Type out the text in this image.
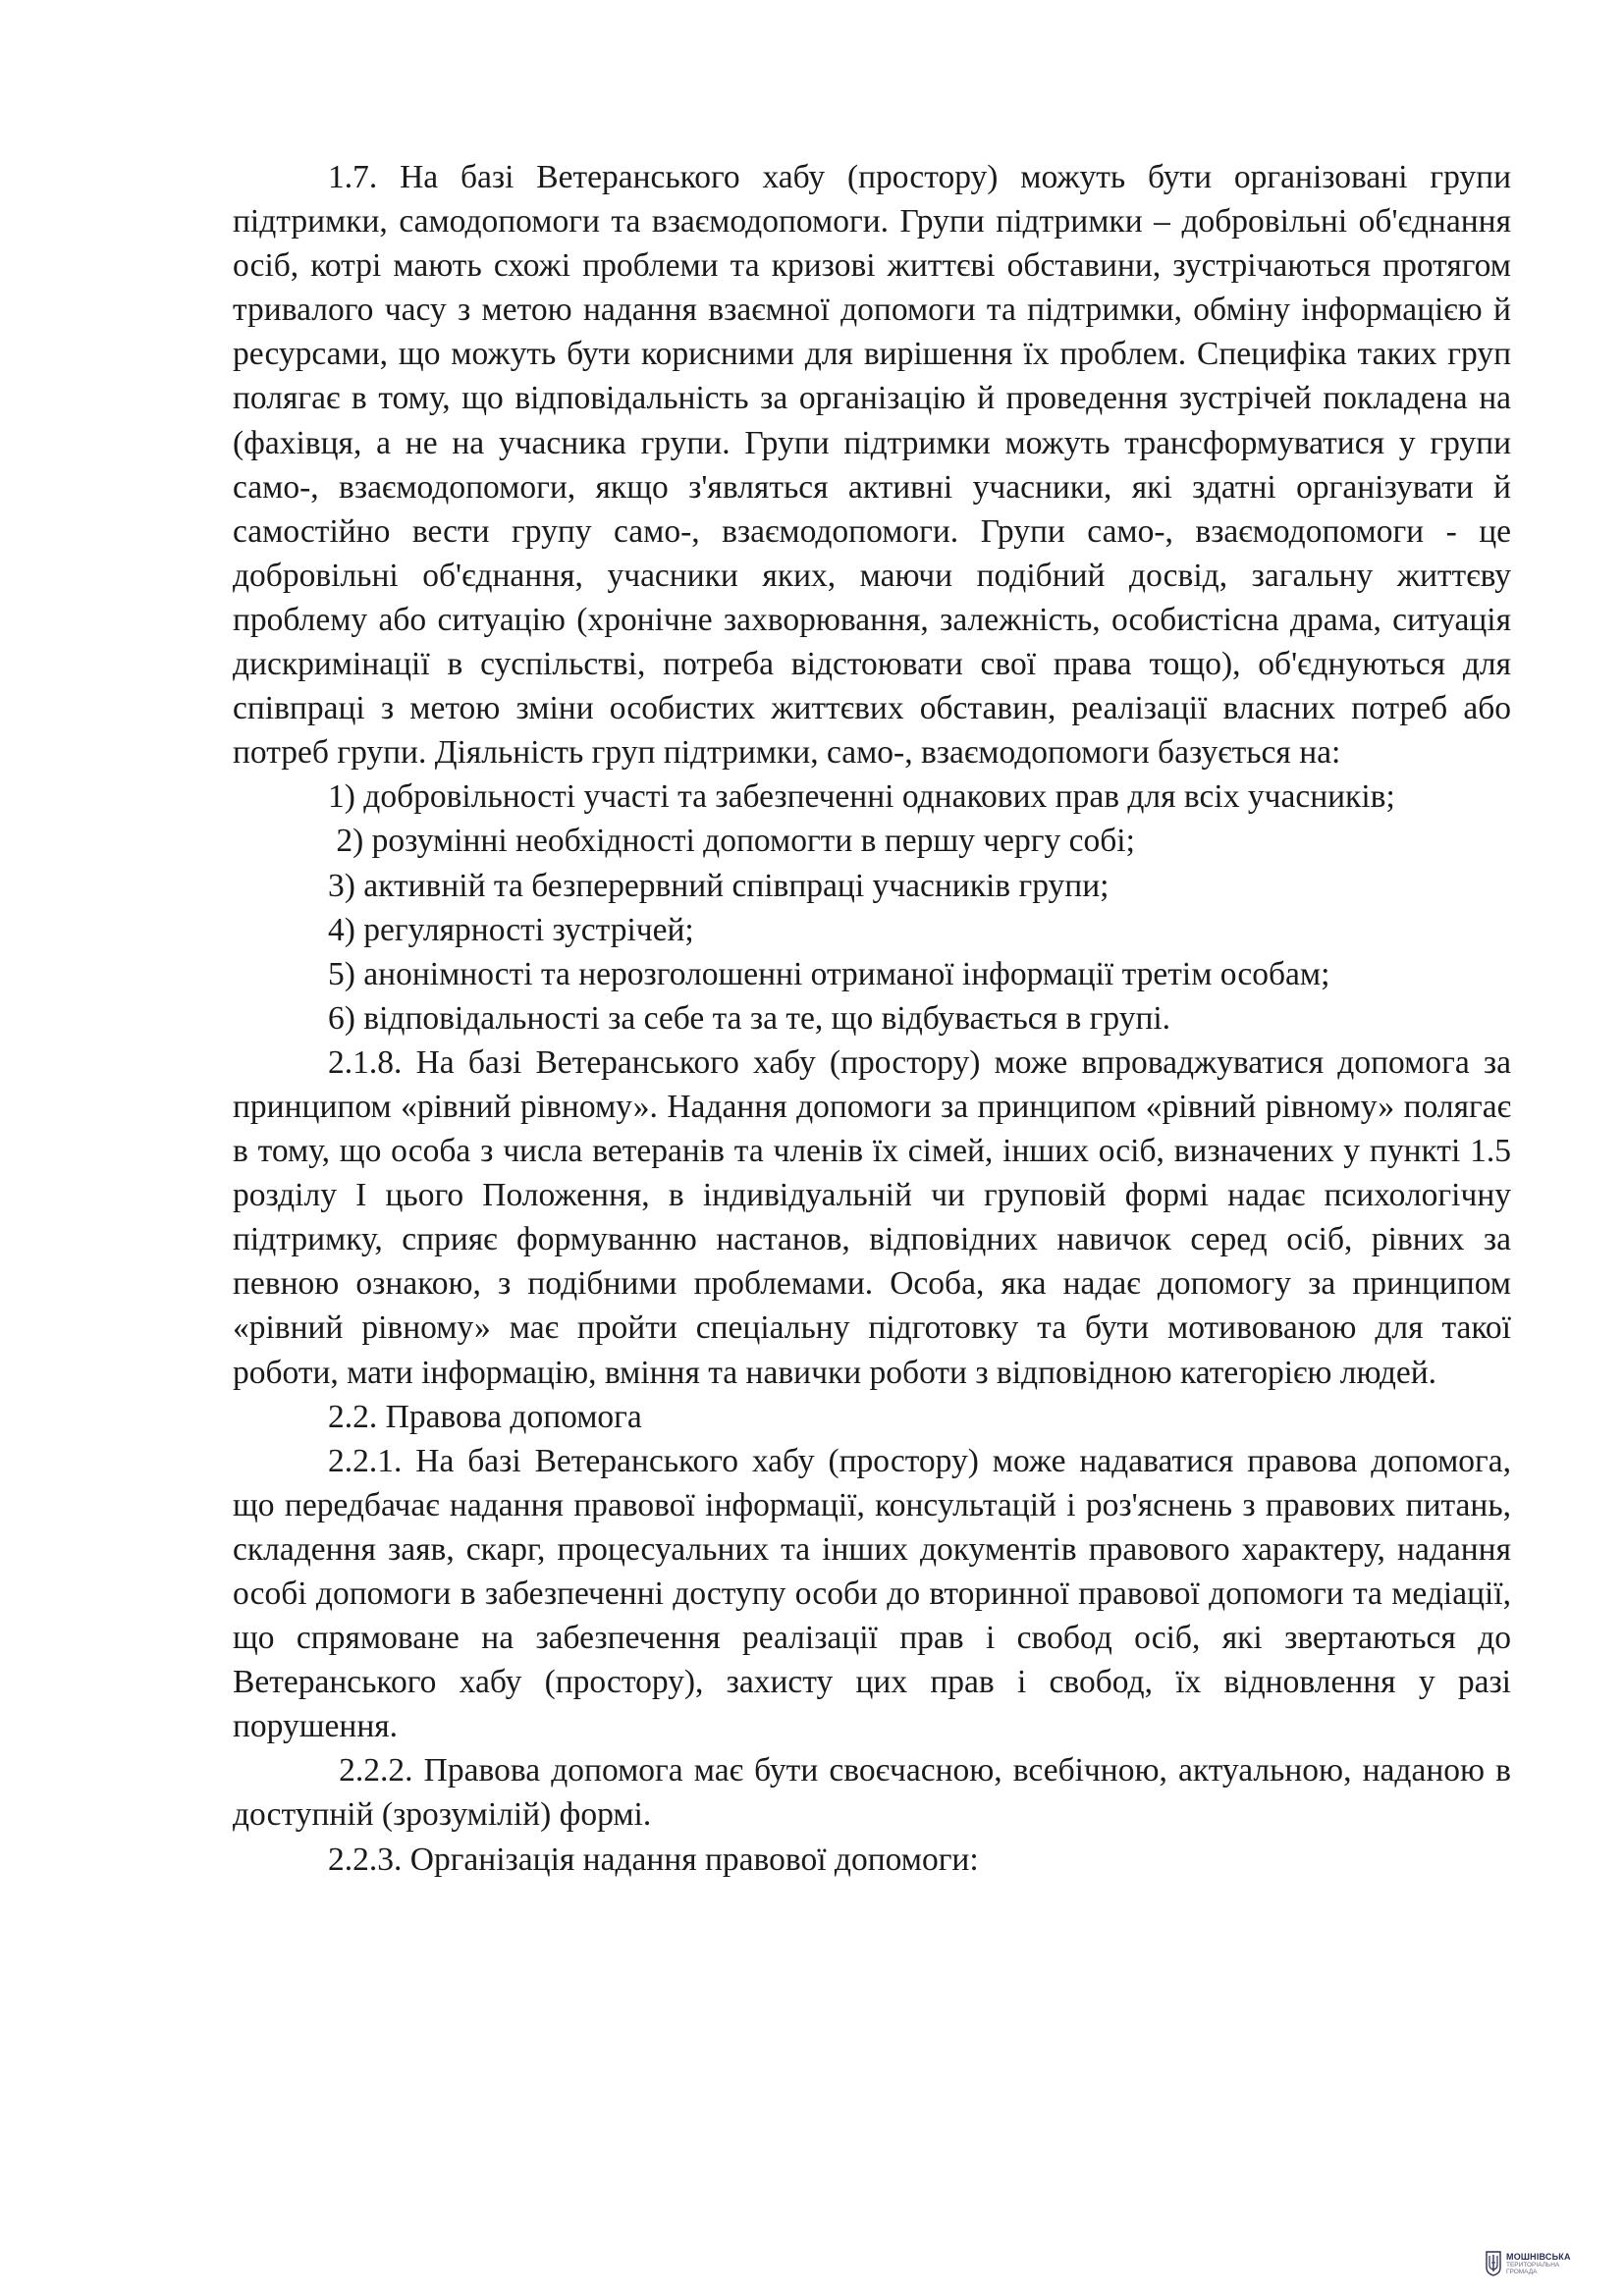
1.7. На базі Ветеранського хабу (простору) можуть бути організовані групи підтримки, самодопомоги та взаємодопомоги. Групи підтримки – добровільні об'єднання осіб, котрі мають схожі проблеми та кризові життєві обставини, зустрічаються протягом тривалого часу з метою надання взаємної допомоги та підтримки, обміну інформацією й ресурсами, що можуть бути корисними для вирішення їх проблем. Специфіка таких груп полягає в тому, що відповідальність за організацію й проведення зустрічей покладена на (фахівця, а не на учасника групи. Групи підтримки можуть трансформуватися у групи само-, взаємодопомоги, якщо з'являться активні учасники, які здатні організувати й самостійно вести групу само-, взаємодопомоги. Групи само-, взаємодопомоги - це добровільні об'єднання, учасники яких, маючи подібний досвід, загальну життєву проблему або ситуацію (хронічне захворювання, залежність, особистісна драма, ситуація дискримінації в суспільстві, потреба відстоювати свої права тощо), об'єднуються для співпраці з метою зміни особистих життєвих обставин, реалізації власних потреб або потреб групи. Діяльність груп підтримки, само-, взаємодопомоги базується на:

1) добровільності участі та забезпеченні однакових прав для всіх учасників;

2) розумінні необхідності допомогти в першу чергу собі;

3) активній та безперервний співпраці учасників групи;

4) регулярності зустрічей;

5) анонімності та нерозголошенні отриманої інформації третім особам;

6) відповідальності за себе та за те, що відбувається в групі.

2.1.8. На базі Ветеранського хабу (простору) може впроваджуватися допомога за принципом «рівний рівному». Надання допомоги за принципом «рівний рівному» полягає в тому, що особа з числа ветеранів та членів їх сімей, інших осіб, визначених у пункті 1.5 розділу І цього Положення, в індивідуальній чи груповій формі надає психологічну підтримку, сприяє формуванню настанов, відповідних навичок серед осіб, рівних за певною ознакою, з подібними проблемами. Особа, яка надає допомогу за принципом «рівний рівному» має пройти спеціальну підготовку та бути мотивованою для такої роботи, мати інформацію, вміння та навички роботи з відповідною категорією людей.

2.2. Правова допомога

2.2.1. На базі Ветеранського хабу (простору) може надаватися правова допомога, що передбачає надання правової інформації, консультацій і роз'яснень з правових питань, складення заяв, скарг, процесуальних та інших документів правового характеру, надання особі допомоги в забезпеченні доступу особи до вторинної правової допомоги та медіації, що спрямоване на забезпечення реалізації прав і свобод осіб, які звертаються до Ветеранського хабу (простору), захисту цих прав і свобод, їх відновлення у разі порушення.

2.2.2. Правова допомога має бути своєчасною, всебічною, актуальною, наданою в доступній (зрозумілій) формі.

2.2.3. Організація надання правової допомоги:

МОШНІВСЬКА
ТЕРИТОРІАЛЬНА
ГРОМАДА
